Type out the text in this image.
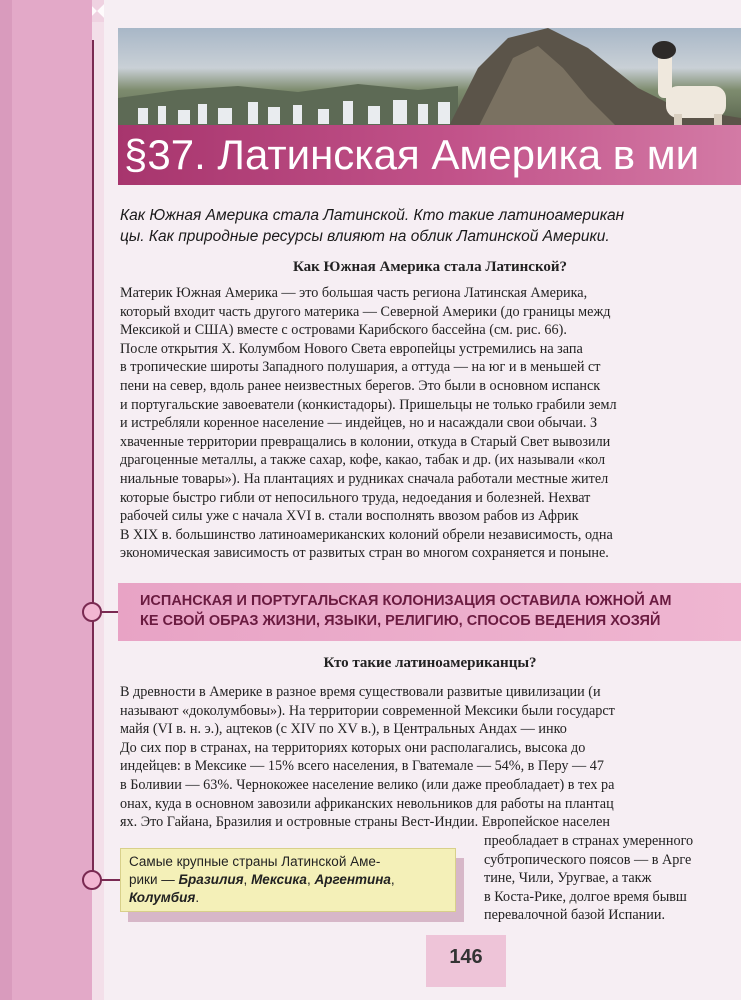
§37. Латинская Америка в ми

Как Южная Америка стала Латинской. Кто такие латиноамерикан

цы. Как природные ресурсы влияют на облик Латинской Америки.

Как Южная Америка стала Латинской?

Материк Южная Америка — это большая часть региона Латинская Америка,

который входит часть другого материка — Северной Америки (до границы межд

Мексикой и США) вместе с островами Карибского бассейна (см. рис. 66).

После открытия Х. Колумбом Нового Света европейцы устремились на запа

в тропические широты Западного полушария, а оттуда — на юг и в меньшей ст

пени на север, вдоль ранее неизвестных берегов. Это были в основном испанск

и португальские завоеватели (конкистадоры). Пришельцы не только грабили земл

и истребляли коренное население — индейцев, но и насаждали свои обычаи. З

хваченные территории превращались в колонии, откуда в Старый Свет вывозили

драгоценные металлы, а также сахар, кофе, какао, табак и др. (их называли «кол

ниальные товары»). На плантациях и рудниках сначала работали местные жител

которые быстро гибли от непосильного труда, недоедания и болезней. Нехват

рабочей силы уже с начала XVI в. стали восполнять ввозом рабов из Африк

В XIX в. большинство латиноамериканских колоний обрели независимость, одна

экономическая зависимость от развитых стран во многом сохраняется и поныне.

ИСПАНСКАЯ И ПОРТУГАЛЬСКАЯ КОЛОНИЗАЦИЯ ОСТАВИЛА ЮЖНОЙ АМ

КЕ СВОЙ ОБРАЗ ЖИЗНИ, ЯЗЫКИ, РЕЛИГИЮ, СПОСОБ ВЕДЕНИЯ ХОЗЯЙ

Кто такие латиноамериканцы?

В древности в Америке в разное время существовали развитые цивилизации (и

называют «доколумбовы»). На территории современной Мексики были государст

майя (VI в. н. э.), ацтеков (с XIV по XV в.), в Центральных Андах — инко

До сих пор в странах, на территориях которых они располагались, высока до

индейцев: в Мексике — 15% всего населения, в Гватемале — 54%, в Перу — 47

в Боливии — 63%. Чернокожее население велико (или даже преобладает) в тех ра

онах, куда в основном завозили африканских невольников для работы на плантац

ях. Это Гайана, Бразилия и островные страны Вест-Индии. Европейское населен

преобладает в странах умеренного

субтропического поясов — в Арге

тине, Чили, Уругвае, а такж

в Коста-Рике, долгое время бывш

перевалочной базой Испании.

Самые крупные страны Латинской Аме-

рики — Бразилия, Мексика, Аргентина,

Колумбия.

146
